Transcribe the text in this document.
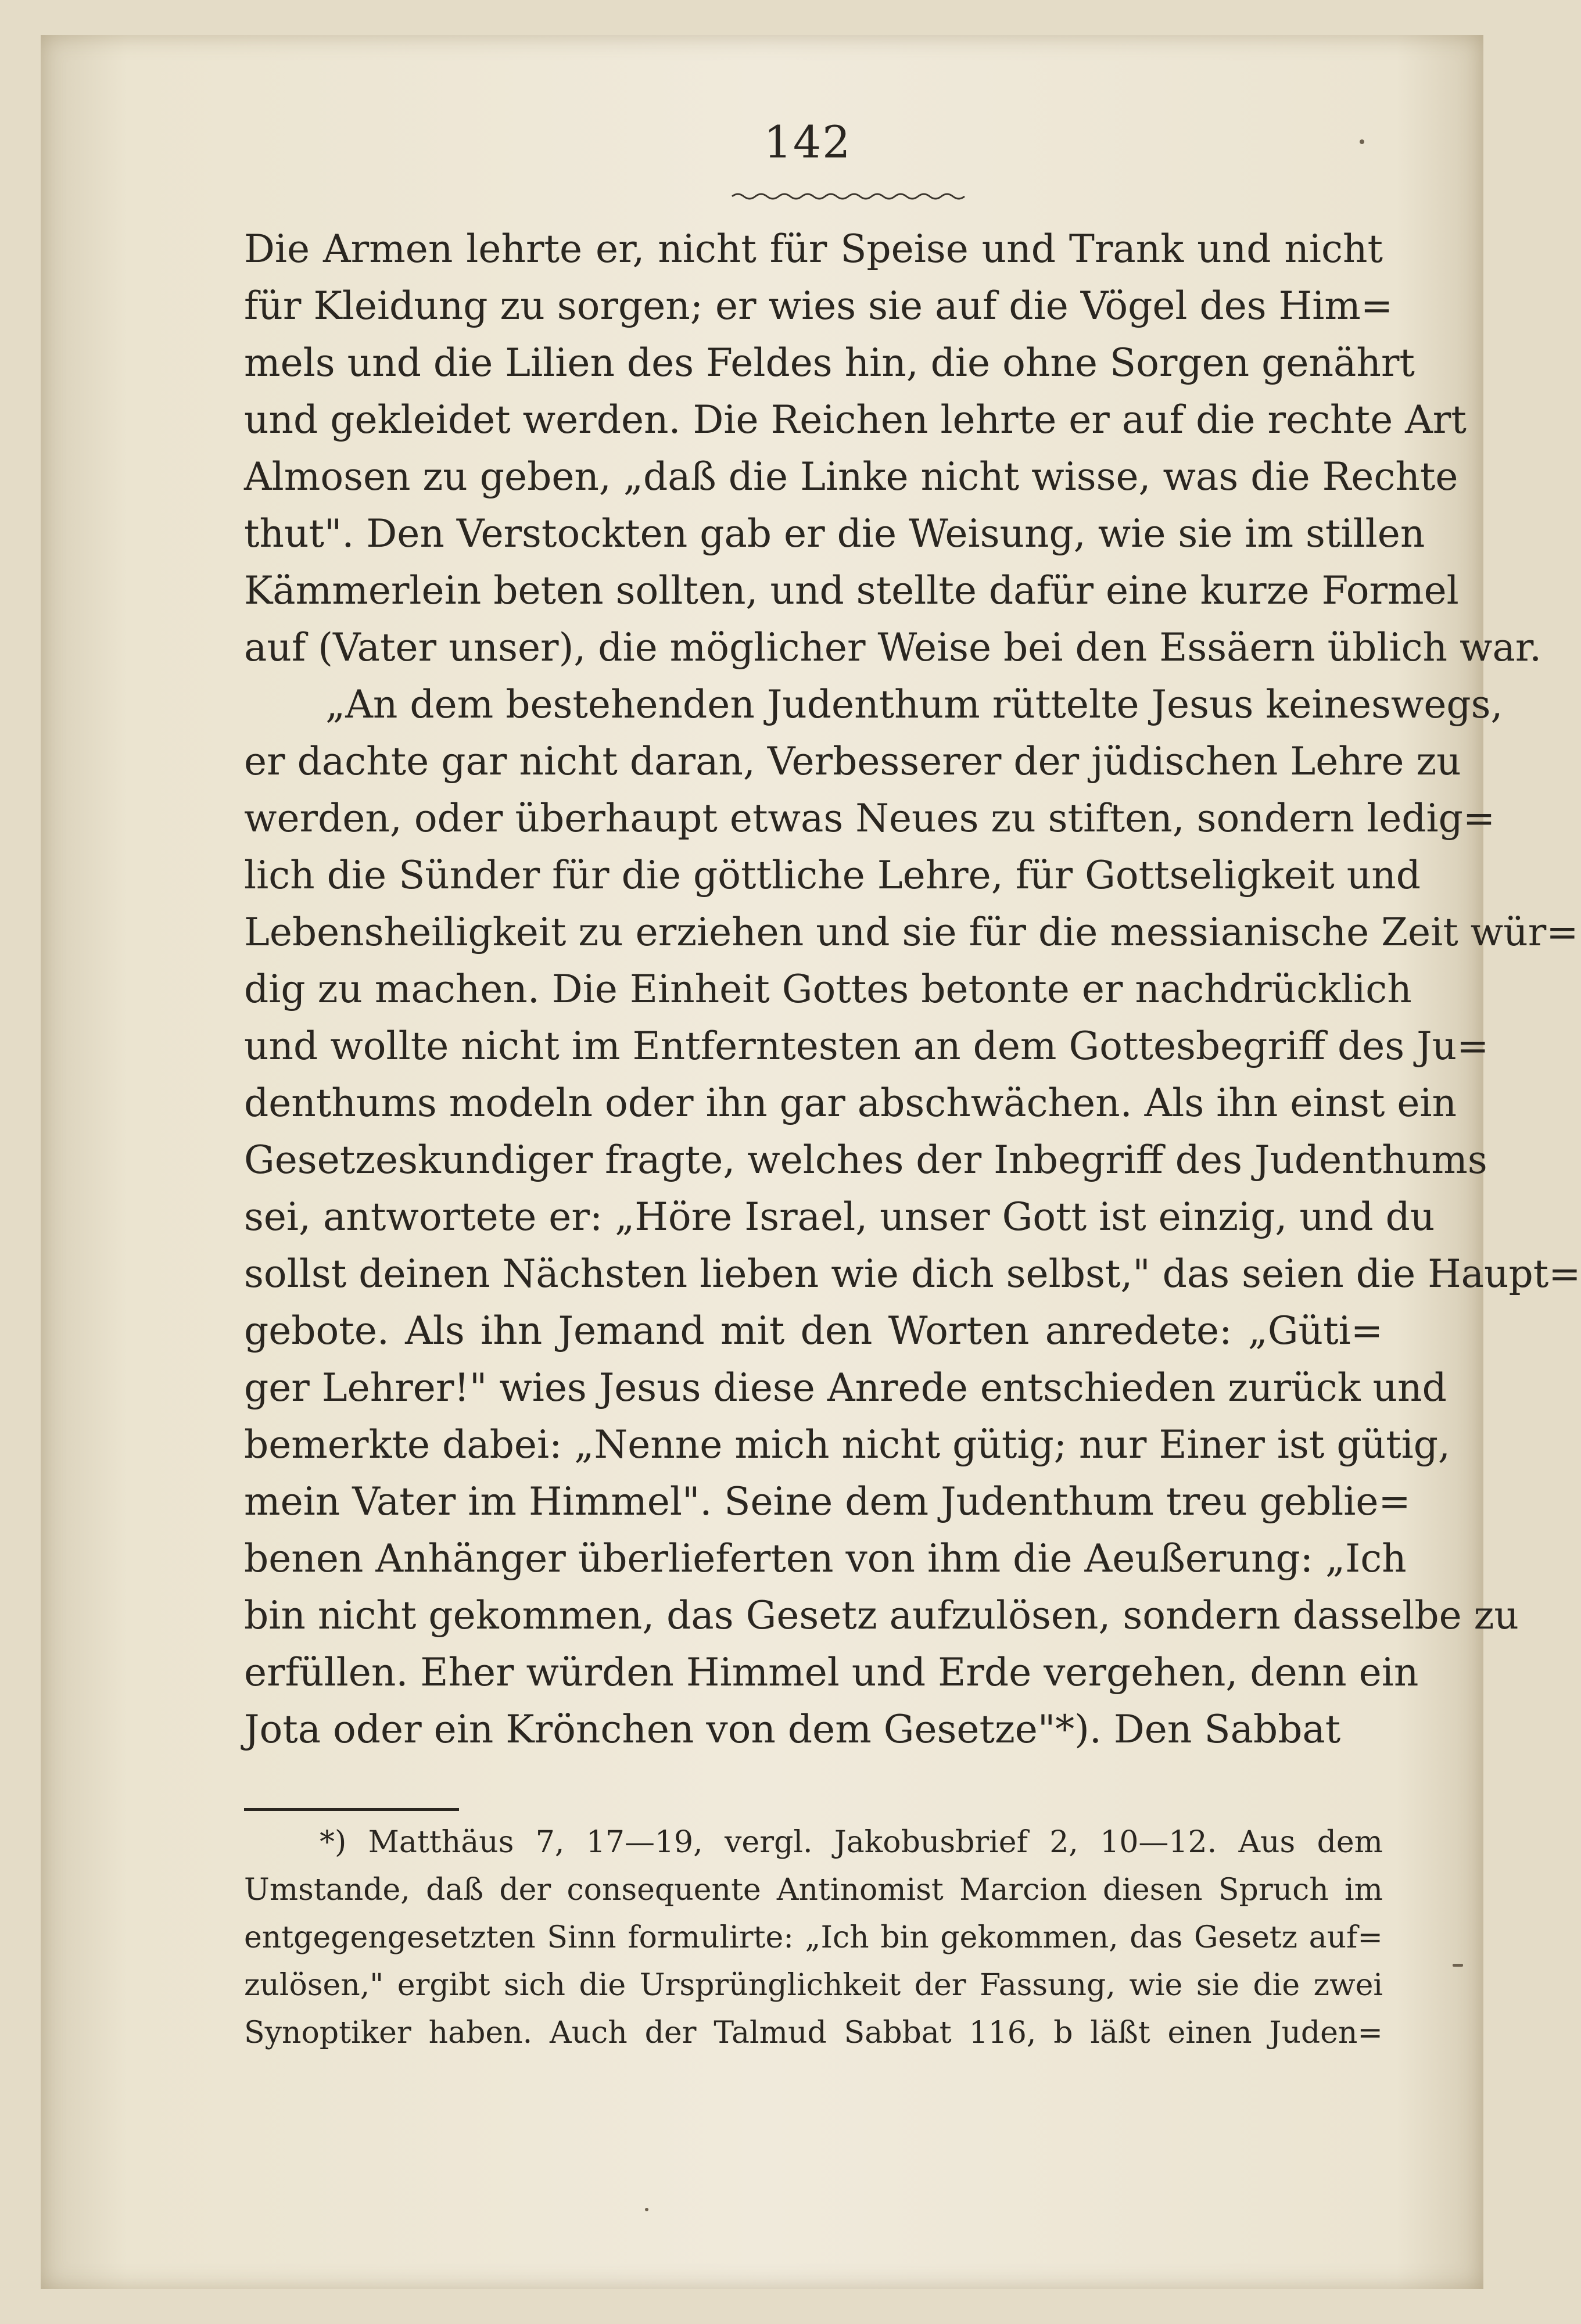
142
Die Armen lehrte er, nicht für Speise und Trank und nicht
für Kleidung zu sorgen; er wies sie auf die Vögel des Him=
mels und die Lilien des Feldes hin, die ohne Sorgen genährt
und gekleidet werden. Die Reichen lehrte er auf die rechte Art
Almosen zu geben, „daß die Linke nicht wisse, was die Rechte
thut". Den Verstockten gab er die Weisung, wie sie im stillen
Kämmerlein beten sollten, und stellte dafür eine kurze Formel
auf (Vater unser), die möglicher Weise bei den Essäern üblich war.
„An dem bestehenden Judenthum rüttelte Jesus keineswegs,
er dachte gar nicht daran, Verbesserer der jüdischen Lehre zu
werden, oder überhaupt etwas Neues zu stiften, sondern ledig=
lich die Sünder für die göttliche Lehre, für Gottseligkeit und
Lebensheiligkeit zu erziehen und sie für die messianische Zeit wür=
dig zu machen. Die Einheit Gottes betonte er nachdrücklich
und wollte nicht im Entferntesten an dem Gottesbegriff des Ju=
denthums modeln oder ihn gar abschwächen. Als ihn einst ein
Gesetzeskundiger fragte, welches der Inbegriff des Judenthums
sei, antwortete er: „Höre Israel, unser Gott ist einzig, und du
sollst deinen Nächsten lieben wie dich selbst," das seien die Haupt=
gebote. Als ihn Jemand mit den Worten anredete: „Güti=
ger Lehrer!" wies Jesus diese Anrede entschieden zurück und
bemerkte dabei: „Nenne mich nicht gütig; nur Einer ist gütig,
mein Vater im Himmel". Seine dem Judenthum treu geblie=
benen Anhänger überlieferten von ihm die Aeußerung: „Ich
bin nicht gekommen, das Gesetz aufzulösen, sondern dasselbe zu
erfüllen. Eher würden Himmel und Erde vergehen, denn ein
Jota oder ein Krönchen von dem Gesetze"*). Den Sabbat
*) Matthäus 7, 17—19, vergl. Jakobusbrief 2, 10—12. Aus dem
Umstande, daß der consequente Antinomist Marcion diesen Spruch im
entgegengesetzten Sinn formulirte: „Ich bin gekommen, das Gesetz auf=
zulösen," ergibt sich die Ursprünglichkeit der Fassung, wie sie die zwei
Synoptiker haben. Auch der Talmud Sabbat 116, b läßt einen Juden=
